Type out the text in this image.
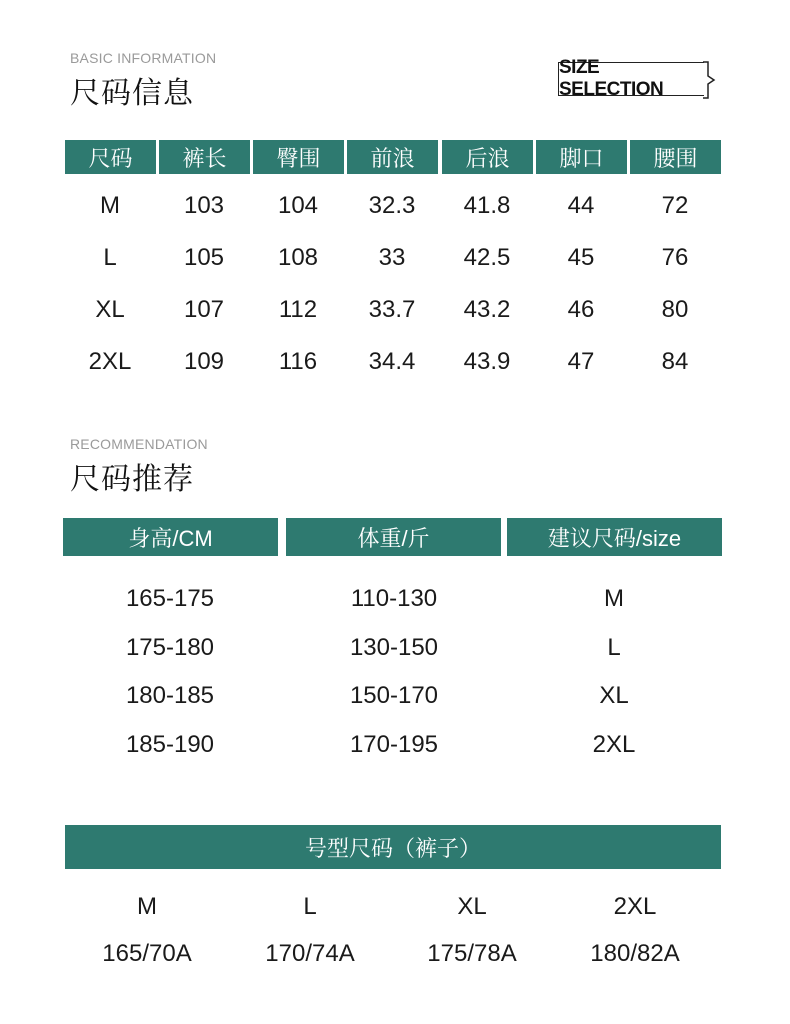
BASIC INFORMATION
尺码信息
SIZE SELECTION
尺码	裤长	臀围	前浪	后浪	脚口	腰围
M	103	104	32.3	41.8	44	72
L	105	108	33	42.5	45	76
XL	107	112	33.7	43.2	46	80
2XL	109	116	34.4	43.9	47	84
RECOMMENDATION
尺码推荐
身高/CM	体重/斤	建议尺码/size
165-175	110-130	M
175-180	130-150	L
180-185	150-170	XL
185-190	170-195	2XL
号型尺码（裤子）
M	L	XL	2XL
165/70A	170/74A	175/78A	180/82A
